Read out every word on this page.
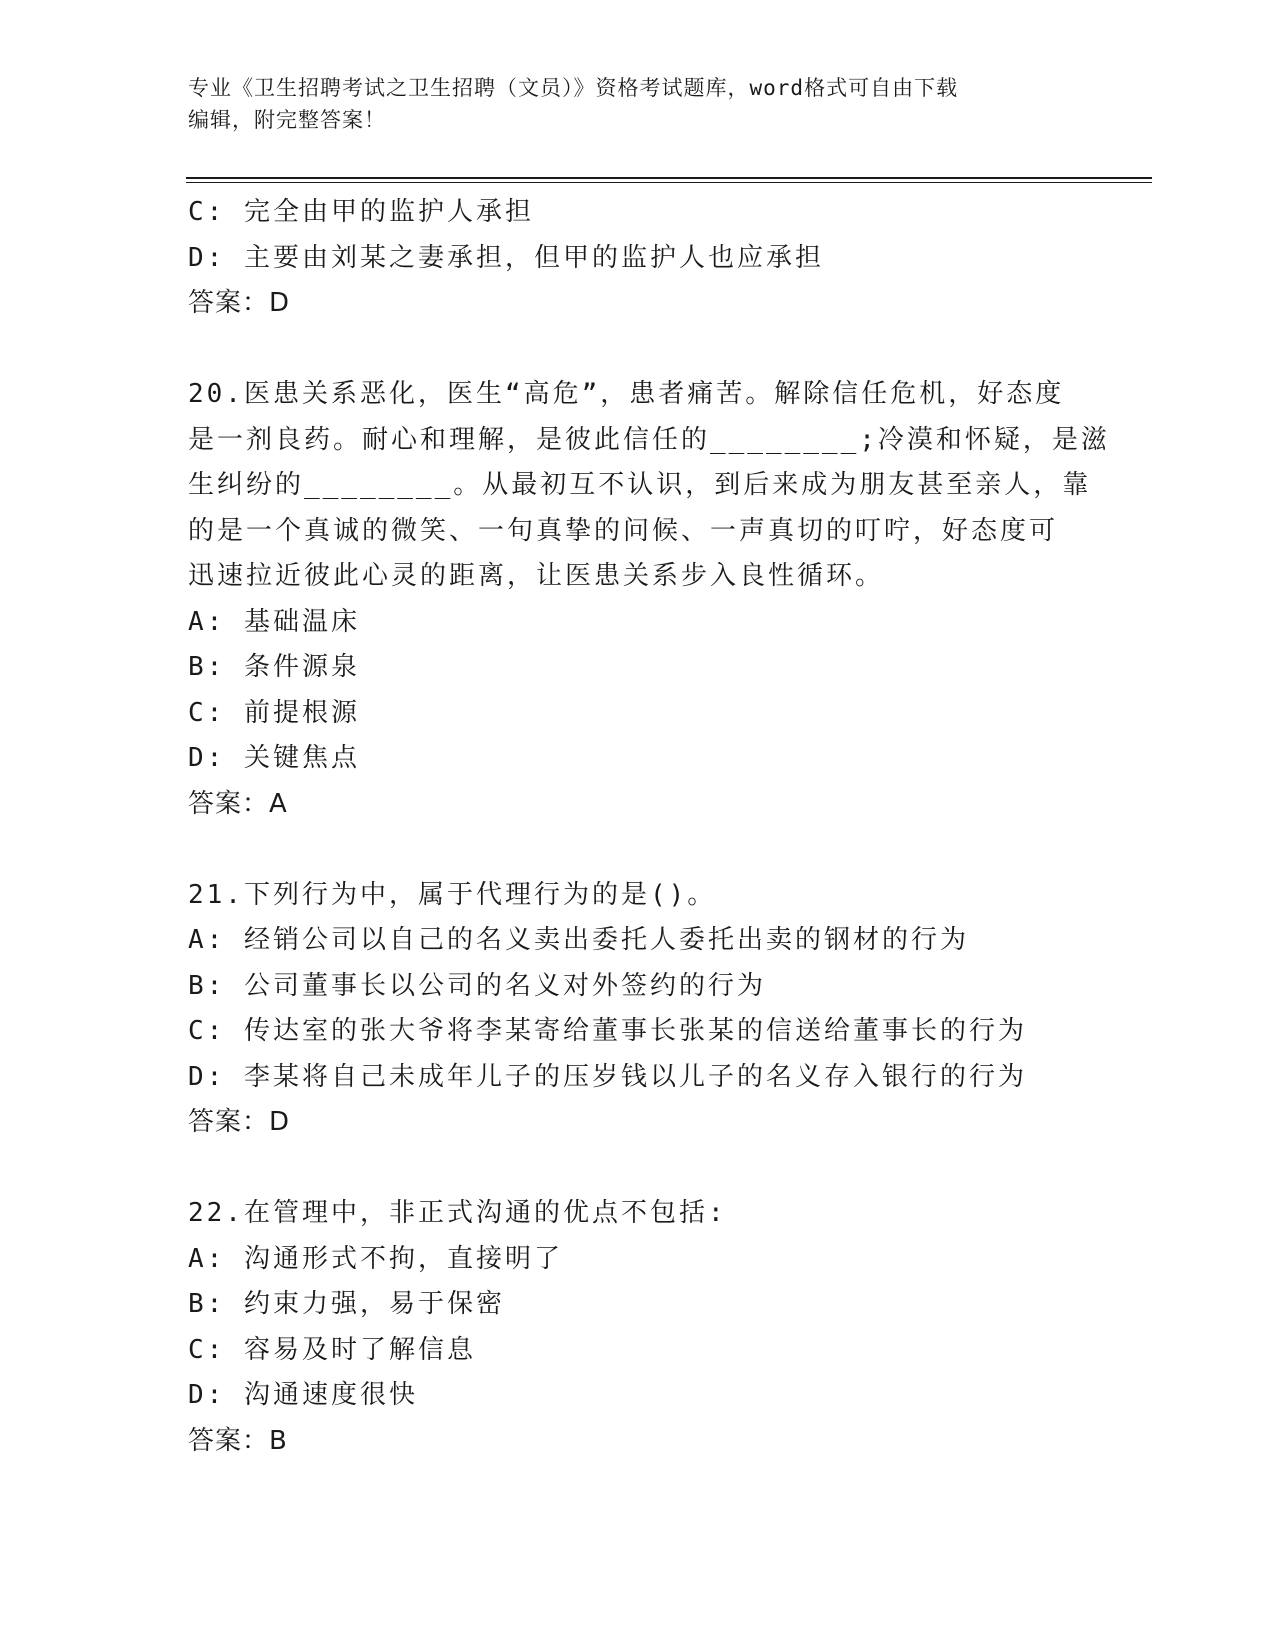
专业《卫生招聘考试之卫生招聘（文员）》资格考试题库，word格式可自由下载
编辑，附完整答案！
C: 完全由甲的监护人承担
D: 主要由刘某之妻承担，但甲的监护人也应承担
答案：D
20.医患关系恶化，医生“高危”，患者痛苦。解除信任危机，好态度
是一剂良药。耐心和理解，是彼此信任的________;冷漠和怀疑，是滋
生纠纷的________。从最初互不认识，到后来成为朋友甚至亲人，靠
的是一个真诚的微笑、一句真挚的问候、一声真切的叮咛，好态度可
迅速拉近彼此心灵的距离，让医患关系步入良性循环。
A: 基础温床
B: 条件源泉
C: 前提根源
D: 关键焦点
答案：A
21.下列行为中，属于代理行为的是()。
A: 经销公司以自己的名义卖出委托人委托出卖的钢材的行为
B: 公司董事长以公司的名义对外签约的行为
C: 传达室的张大爷将李某寄给董事长张某的信送给董事长的行为
D: 李某将自己未成年儿子的压岁钱以儿子的名义存入银行的行为
答案：D
22.在管理中，非正式沟通的优点不包括:
A: 沟通形式不拘，直接明了
B: 约束力强，易于保密
C: 容易及时了解信息
D: 沟通速度很快
答案：B
